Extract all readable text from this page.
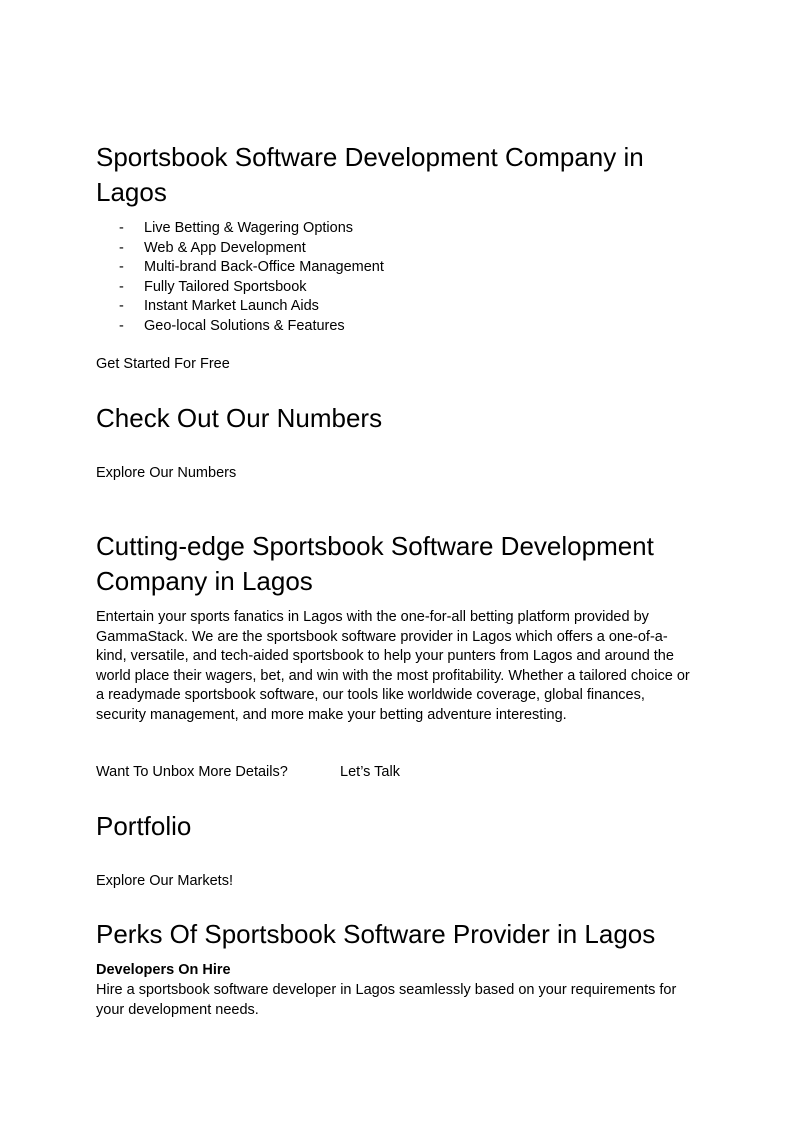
Sportsbook Software Development Company in Lagos
- Live Betting & Wagering Options
- Web & App Development
- Multi-brand Back-Office Management
- Fully Tailored Sportsbook
- Instant Market Launch Aids
- Geo-local Solutions & Features

Get Started For Free

Check Out Our Numbers

Explore Our Numbers

Cutting-edge Sportsbook Software Development Company in Lagos

Entertain your sports fanatics in Lagos with the one-for-all betting platform provided by GammaStack. We are the sportsbook software provider in Lagos which offers a one-of-a-kind, versatile, and tech-aided sportsbook to help your punters from Lagos and around the world place their wagers, bet, and win with the most profitability. Whether a tailored choice or a readymade sportsbook software, our tools like worldwide coverage, global finances, security management, and more make your betting adventure interesting.

Want To Unbox More Details?	Let’s Talk
Portfolio

Explore Our Markets!

Perks Of Sportsbook Software Provider in Lagos

Developers On Hire

Hire a sportsbook software developer in Lagos seamlessly based on your requirements for your development needs.
